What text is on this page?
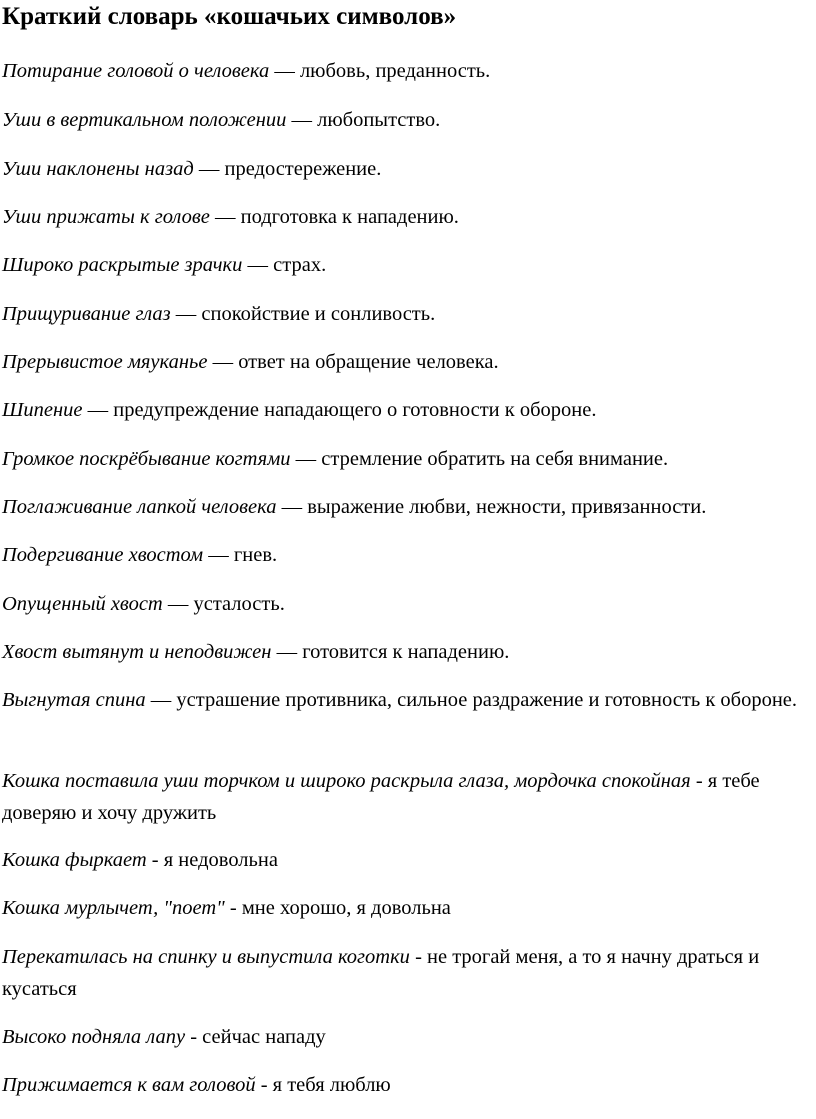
Краткий словарь «кошачьих символов»

Потирание головой о человека — любовь, преданность.

Уши в вертикальном положении — любопытство.

Уши наклонены назад — предостережение.

Уши прижаты к голове — подготовка к нападению.

Широко раскрытые зрачки — страх.

Прищуривание глаз — спокойствие и сонливость.

Прерывистое мяуканье — ответ на обращение человека.

Шипение — предупреждение нападающего о готовности к обороне.

Громкое поскрёбывание когтями — стремление обратить на себя внимание.

Поглаживание лапкой человека — выражение любви, нежности, привязанности.

Подергивание хвостом — гнев.

Опущенный хвост — усталость.

Хвост вытянут и неподвижен — готовится к нападению.

Выгнутая спина — устрашение противника, сильное раздражение и готовность к обороне.

Кошка поставила уши торчком и широко раскрыла глаза, мордочка спокойная - я тебе доверяю и хочу дружить

Кошка фыркает - я недовольна

Кошка мурлычет, "поет" - мне хорошо, я довольна

Перекатилась на спинку и выпустила коготки - не трогай меня, а то я начну драться и кусаться

Высоко подняла лапу - сейчас нападу

Прижимается к вам головой - я тебя люблю
